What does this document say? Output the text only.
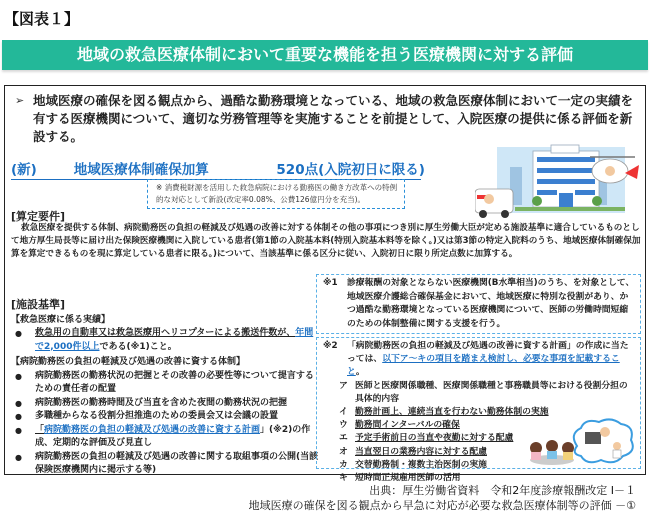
【図表１】
地域の救急医療体制において重要な機能を担う医療機関に対する評価
➢ 地域医療の確保を図る観点から、過酷な勤務環境となっている、地域の救急医療体制において一定の実績を有する医療機関について、適切な労務管理等を実施することを前提として、入院医療の提供に係る評価を新設する。
(新)	地域医療体制確保加算	520点(入院初日に限る)
※ 消費税財源を活用した救急病院における勤務医の働き方改革への特例的な対応として新設(改定率0.08%、公費126億円分を充当)。
[算定要件]
救急医療を提供する体制、病院勤務医の負担の軽減及び処遇の改善に対する体制その他の事項につき別に厚生労働大臣が定める施設基準に適合しているものとして地方厚生局長等に届け出た保険医療機関に入院している患者(第1節の入院基本料(特別入院基本料等を除く。)又は第3節の特定入院料のうち、地域医療体制確保加算を算定できるものを現に算定している患者に限る。)について、当該基準に係る区分に従い、入院初日に限り所定点数に加算する。
[施設基準]
【救急医療に係る実績】
● 救急用の自動車又は救急医療用ヘリコプターによる搬送件数が、年間で2,000件以上である(※1)こと。
【病院勤務医の負担の軽減及び処遇の改善に資する体制】
● 病院勤務医の勤務状況の把握とその改善の必要性等について提言するための責任者の配置
● 病院勤務医の勤務時間及び当直を含めた夜間の勤務状況の把握
● 多職種からなる役割分担推進のための委員会又は会議の設置
● 「病院勤務医の負担の軽減及び処遇の改善に資する計画」(※2)の作成、定期的な評価及び見直し
● 病院勤務医の負担の軽減及び処遇の改善に関する取組事項の公開(当該保険医療機関内に掲示する等)
※1 診療報酬の対象とならない医療機関(B水準相当)のうち、を対象として、地域医療介護総合確保基金において、地域医療に特別な役割があり、かつ過酷な勤務環境となっている医療機関について、医師の労働時間短縮のための体制整備に関する支援を行う。
※2 「病院勤務医の負担の軽減及び処遇の改善に資する計画」の作成に当たっては、以下ア～キの項目を踏まえ検討し、必要な事項を記載すること。
ア 医師と医療関係職種、医療関係職種と事務職員等における役割分担の具体的内容
イ 勤務計画上、連続当直を行わない勤務体制の実施
ウ 勤務間インターバルの確保
エ 予定手術前日の当直や夜勤に対する配慮
オ 当直翌日の業務内容に対する配慮
カ 交替勤務制・複数主治医制の実施
キ 短時間正規雇用医師の活用
出典：厚生労働省資料　令和2年度診療報酬改定 Ⅰ－１
地域医療の確保を図る観点から早急に対応が必要な救急医療体制等の評価 －①
